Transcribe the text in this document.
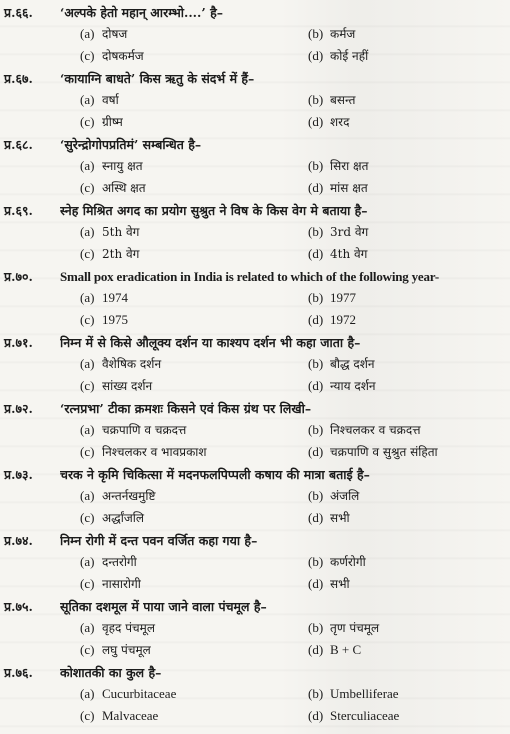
प्र.६६. ‘अल्पके हेतो महान् आरम्भो....’ है–
(a) दोषज	(b) कर्मज
(c) दोषकर्मज	(d) कोई नहीं
प्र.६७. ‘कायाग्नि बाधते’ किस ऋतु के संदर्भ में हैं–
(a) वर्षा	(b) बसन्त
(c) ग्रीष्म	(d) शरद
प्र.६८. ‘सुरेन्द्रोगोपप्रतिमं’ सम्बन्धित है–
(a) स्नायु क्षत	(b) सिरा क्षत
(c) अस्थि क्षत	(d) मांस क्षत
प्र.६९. स्नेह मिश्रित अगद का प्रयोग सुश्रुत ने विष के किस वेग मे बताया है–
(a) 5th वेग	(b) 3rd वेग
(c) 2th वेग	(d) 4th वेग
प्र.७०. Small pox eradication in India is related to which of the following year-
(a) 1974	(b) 1977
(c) 1975	(d) 1972
प्र.७१. निम्न में से किसे औलूक्य दर्शन या काश्यप दर्शन भी कहा जाता है–
(a) वैशेषिक दर्शन	(b) बौद्ध दर्शन
(c) सांख्य दर्शन	(d) न्याय दर्शन
प्र.७२. ‘रत्नप्रभा’ टीका क्रमशः किसने एवं किस ग्रंथ पर लिखी–
(a) चक्रपाणि व चक्रदत्त	(b) निश्चलकर व चक्रदत्त
(c) निश्चलकर व भावप्रकाश	(d) चक्रपाणि व सुश्रुत संहिता
प्र.७३. चरक ने कृमि चिकित्सा में मदनफलपिप्पली कषाय की मात्रा बताई है–
(a) अन्तर्नखमुष्टि	(b) अंजलि
(c) अर्द्धांजलि	(d) सभी
प्र.७४. निम्न रोगी में दन्त पवन वर्जित कहा गया है–
(a) दन्तरोगी	(b) कर्णरोगी
(c) नासारोगी	(d) सभी
प्र.७५. सूतिका दशमूल में पाया जाने वाला पंचमूल है–
(a) वृहद पंचमूल	(b) तृण पंचमूल
(c) लघु पंचमूल	(d) B + C
प्र.७६. कोशातकी का कुल है–
(a) Cucurbitaceae	(b) Umbelliferae
(c) Malvaceae	(d) Sterculiaceae
